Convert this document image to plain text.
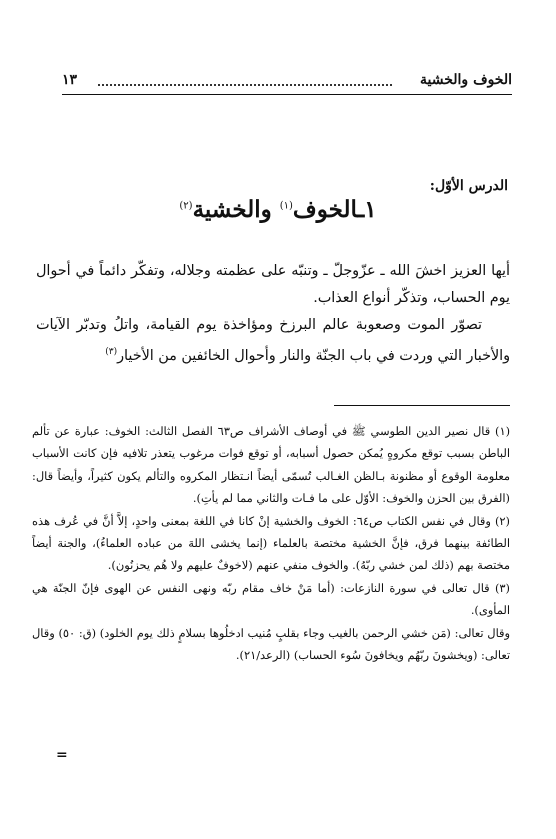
الخوف والخشية
١٣
الدرس الأوّل:
١ـالخوف$^{(١)}$ والخشية$^{(٢)}$

أيها العزيز اخشَ الله ـ عزّوجلّ ـ وتنبّه على عظمته وجلاله، وتفكّر دائماً في أحوال يوم الحساب، وتذكّر أنواع العذاب.

تصوّر الموت وصعوبة عالم البرزخ ومؤاخذة يوم القيامة، واتلُ وتدبّر الآيات والأخبار التي وردت في باب الجنّة والنار وأحوال الخائفين من الأخيار$^{(٣)}$

(١) قال نصير الدين الطوسي ﷺ في أوصاف الأشراف ص٦٣ الفصل الثالث: الخوف: عبارة عن تألم الباطن بسبب توقع مكروهٍ يُمكن حصول أسبابه، أو توقع فوات مرغوب يتعذر تلافيه فإن كانت الأسباب معلومة الوقوع أو مظنونة بـالظن الغـالب تُسمّى أيضاً انـتظار المكروه والتألم يكون كثيراً، وأيضاً قال: (الفرق بين الحزن والخوف: الأوّل على ما فـات والثاني مما لم يأتِ).

(٢) وقال في نفس الكتاب ص٦٤: الخوف والخشية إنْ كانا في اللغة بمعنى واحدٍ، إلاَّ أنَّ في عُرف هذه الطائفة بينهما فرق، فإنَّ الخشية مختصة بالعلماء (إنما يخشى اللهَ من عباده العلماءُ)، والجنة أيضاً مختصة بهم (ذلك لمن خشي ربّهُ). والخوف منفي عنهم (لاخوفٌ عليهم ولا هُم يحزنُون).

(٣) قال تعالى في سورة النازعات: (أما مَنْ خاف مقام ربّه ونهى النفس عن الهوى فإنّ الجنّة هي المأوى).

وقال تعالى: (مَن خشي الرحمن بالغيب وجاء بقلبٍ مُنيب ادخلُوها بسلامٍ ذلك يوم الخلود) (ق: ٥٠) وقال تعالى: (ويخشونَ ربّهُم ويخافونَ سُوء الحساب) (الرعد/٢١).

=
